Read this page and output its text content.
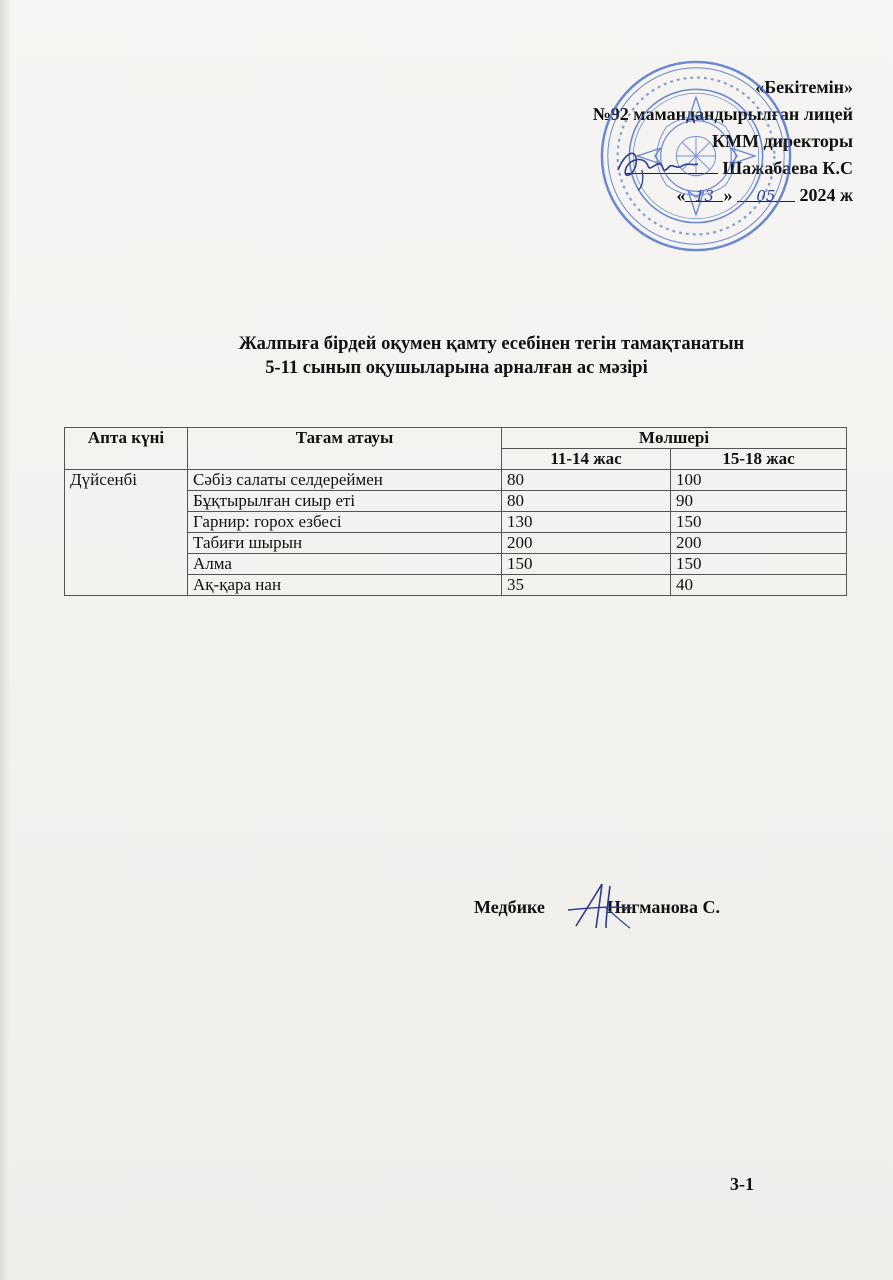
«Бекітемін»
№92 мамандандырылған лицей
КММ директоры
Шажабаева К.С
« 13 » 05 2024 ж
Жалпыға бірдей оқумен қамту есебінен тегін тамақтанатын
5-11 сынып оқушыларына арналған ас мәзірі
Апта күні	Тағам атауы	Мөлшері	
		11-14 жас	15-18 жас
Дүйсенбі	Сәбіз салаты селдереймен	80	100
	Бұқтырылған сиыр еті	80	90
	Гарнир: горох езбесі	130	150
	Табиғи шырын	200	200
	Алма	150	150
	Ақ-қара нан	35	40
Медбике	Нигманова С.
3-1
